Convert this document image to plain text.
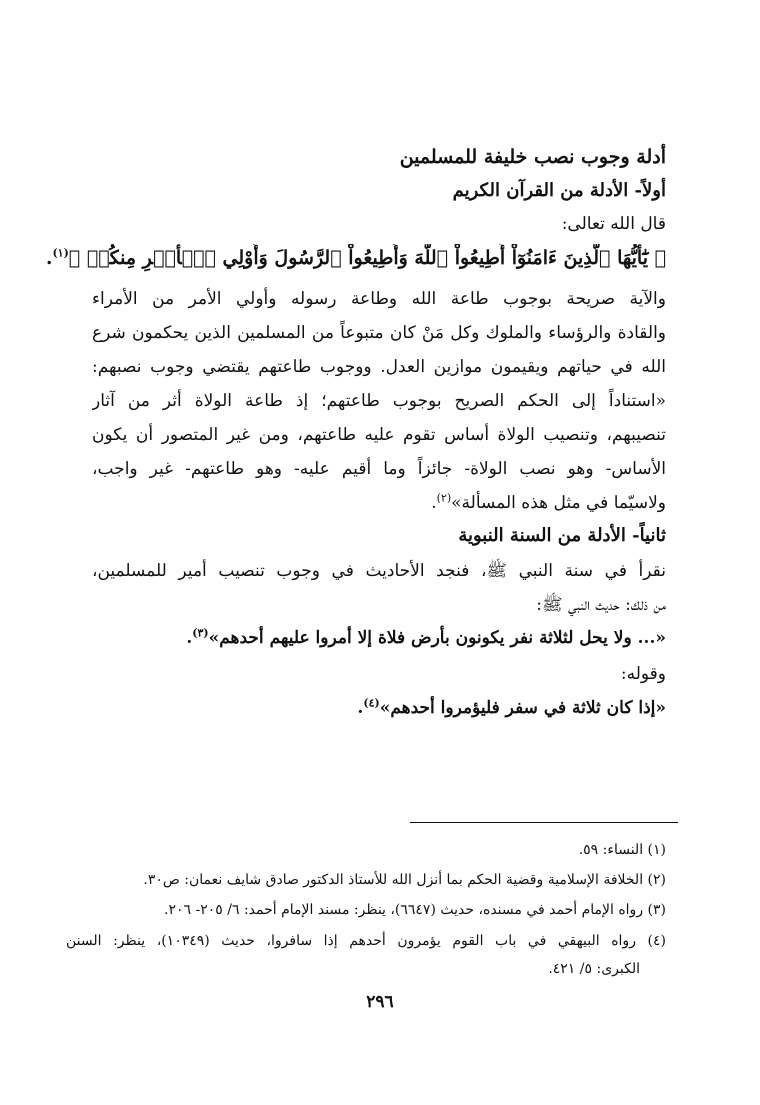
أدلة وجوب نصب خليفة للمسلمين
أولاً- الأدلة من القرآن الكريم
قال الله تعالى:
﴿ يَٰٓأَيُّهَا ٱلَّذِينَ ءَامَنُوٓاْ أَطِيعُواْ ٱللَّهَ وَأَطِيعُواْ ٱلرَّسُولَ وَأُوْلِي ٱلۡأَمۡرِ مِنكُمۡ ﴾$^{(١)}$.
والآية صريحة بوجوب طاعة الله وطاعة رسوله وأولي الأمر من الأمراء
والقادة والرؤساء والملوك وكل مَنْ كان متبوعاً من المسلمين الذين يحكمون شرع
الله في حياتهم ويقيمون موازين العدل. ووجوب طاعتهم يقتضي وجوب نصبهم:
«استناداً إلى الحكم الصريح بوجوب طاعتهم؛ إذ طاعة الولاة أثر من آثار
تنصيبهم، وتنصيب الولاة أساس تقوم عليه طاعتهم، ومن غير المتصور أن يكون
الأساس- وهو نصب الولاة- جائزاً وما أقيم عليه- وهو طاعتهم- غير واجب،
ولاسيّما في مثل هذه المسألة»$^{(٢)}$.
ثانياً- الأدلة من السنة النبوية
نقرأ في سنة النبي ﷺ، فنجد الأحاديث في وجوب تنصيب أمير للمسلمين،
من ذلك: حديث النبي ﷺ:
«... ولا يحل لثلاثة نفر يكونون بأرض فلاة إلا أمروا عليهم أحدهم»$^{(٣)}$.
وقوله:
«إذا كان ثلاثة في سفر فليؤمروا أحدهم»$^{(٤)}$.
(١) النساء: ٥٩.
(٢) الخلافة الإسلامية وقضية الحكم بما أنزل الله للأستاذ الدكتور صادق شايف نعمان: ص٣٠.
(٣) رواه الإمام أحمد في مسنده، حديث (٦٦٤٧)، ينظر: مسند الإمام أحمد: ٦/ ٢٠٥- ٢٠٦.
(٤) رواه البيهقي في باب القوم يؤمرون أحدهم إذا سافروا، حديث (١٠٣٤٩)، ينظر: السنن
الكبرى: ٥/ ٤٢١.
٢٩٦
